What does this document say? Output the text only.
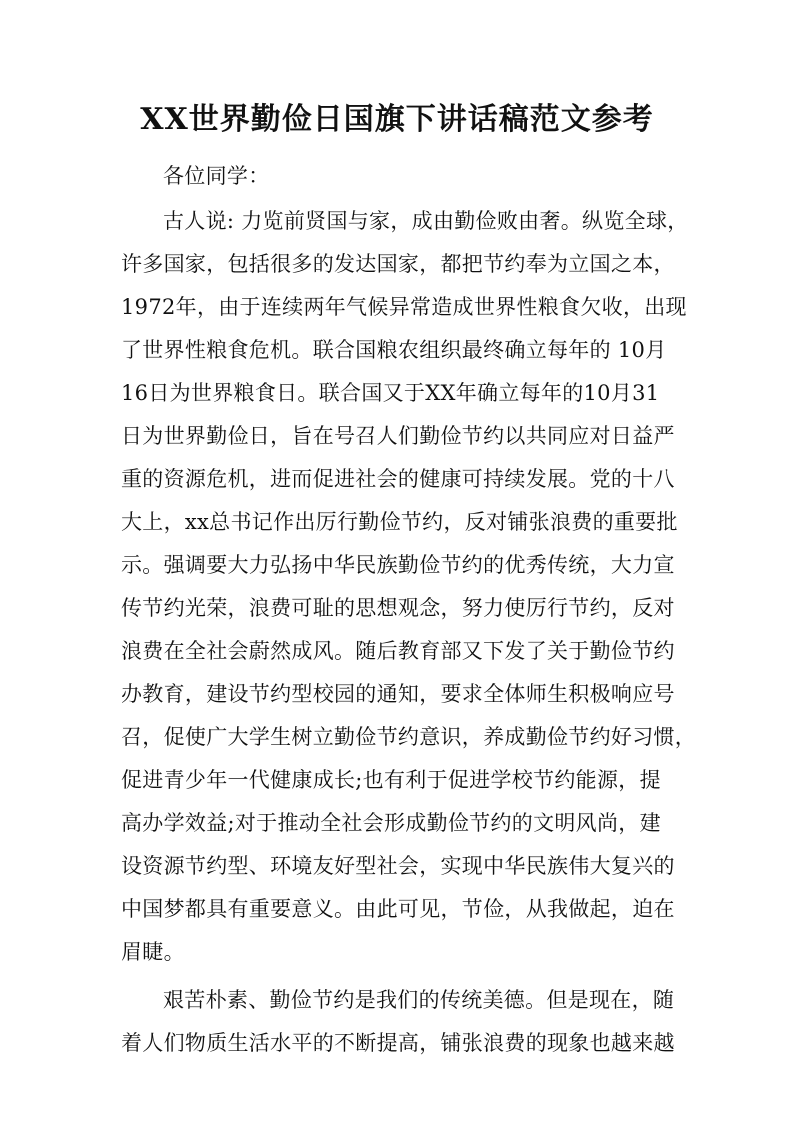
XX世界勤俭日国旗下讲话稿范文参考
各位同学：
古人说: 力览前贤国与家，成由勤俭败由奢。纵览全球，
许多国家，包括很多的发达国家，都把节约奉为立国之本，
1972年，由于连续两年气候异常造成世界性粮食欠收，出现
了世界性粮食危机。联合国粮农组织最终确立每年的 10月
16日为世界粮食日。联合国又于XX年确立每年的10月31
日为世界勤俭日，旨在号召人们勤俭节约以共同应对日益严
重的资源危机，进而促进社会的健康可持续发展。党的十八
大上，xx总书记作出厉行勤俭节约，反对铺张浪费的重要批
示。强调要大力弘扬中华民族勤俭节约的优秀传统，大力宣
传节约光荣，浪费可耻的思想观念，努力使厉行节约，反对
浪费在全社会蔚然成风。随后教育部又下发了关于勤俭节约
办教育，建设节约型校园的通知，要求全体师生积极响应号
召，促使广大学生树立勤俭节约意识，养成勤俭节约好习惯，
促进青少年一代健康成长;也有利于促进学校节约能源，提
高办学效益;对于推动全社会形成勤俭节约的文明风尚，建
设资源节约型、环境友好型社会，实现中华民族伟大复兴的
中国梦都具有重要意义。由此可见，节俭，从我做起，迫在
眉睫。
艰苦朴素、勤俭节约是我们的传统美德。但是现在，随
着人们物质生活水平的不断提高，铺张浪费的现象也越来越
